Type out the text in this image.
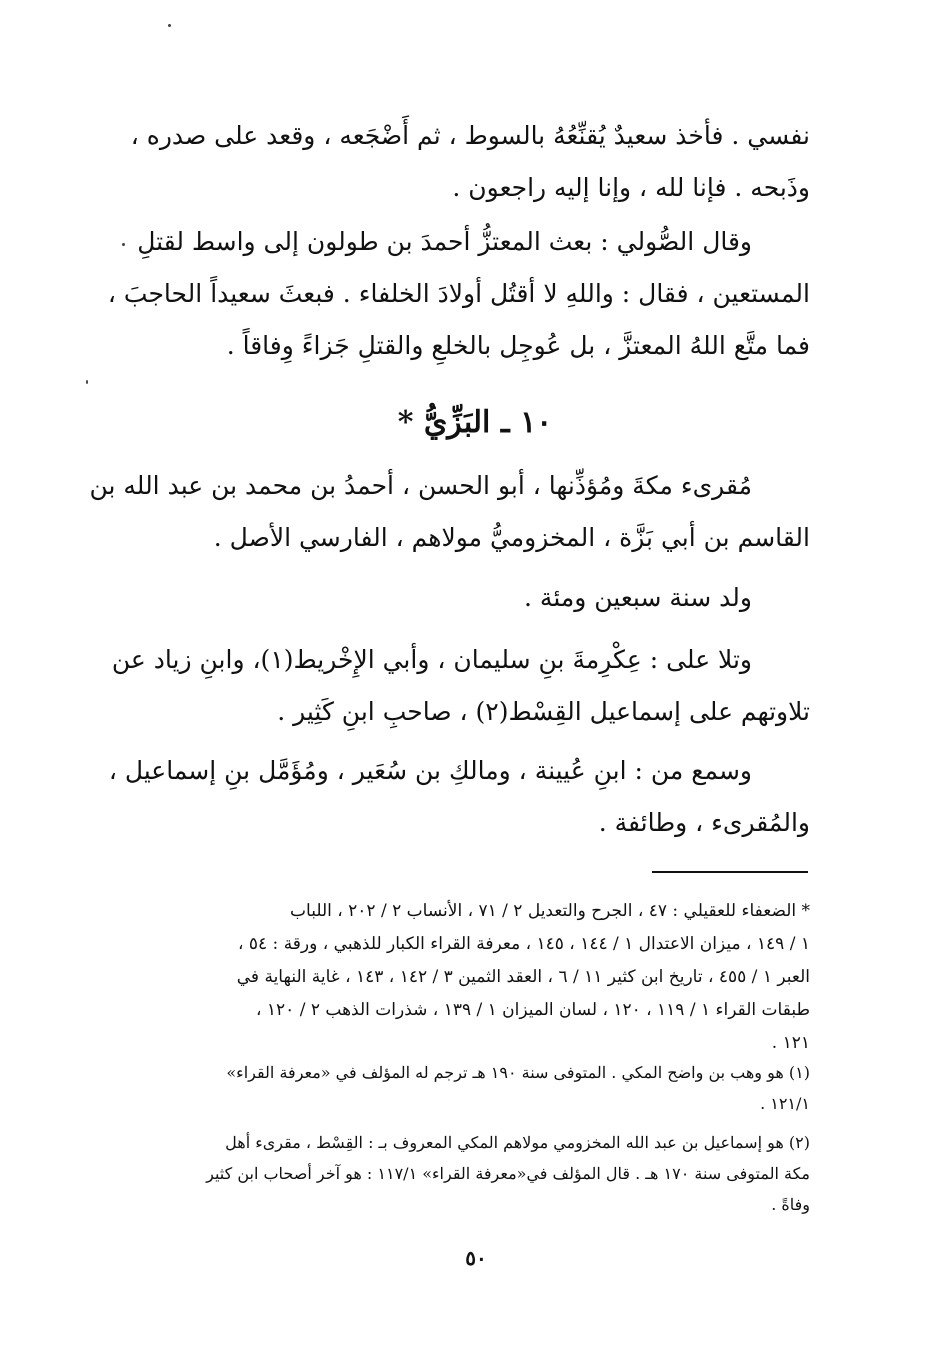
نفسي . فأخذ سعيدٌ يُقنِّعُهُ بالسوط ، ثم أَضْجَعه ، وقعد على صدره ،
وذَبحه . فإنا لله ، وإنا إليه راجعون .
وقال الصُّولي : بعث المعتزُّ أحمدَ بن طولون إلى واسط لقتلِ
المستعين ، فقال : واللهِ لا أقتُل أولادَ الخلفاء . فبعثَ سعيداً الحاجبَ ،
فما متَّع اللهُ المعتزَّ ، بل عُوجِل بالخلعِ والقتلِ جَزاءً وِفاقاً .
١٠ ـ البَزِّيُّ *
مُقرىء مكةَ ومُؤذِّنها ، أبو الحسن ، أحمدُ بن محمد بن عبد الله بن
القاسم بن أبي بَزَّة ، المخزوميُّ مولاهم ، الفارسي الأصل .
ولد سنة سبعين ومئة .
وتلا على : عِكْرِمةَ بنِ سليمان ، وأبي الإِخْريط(١)، وابنِ زياد عن
تلاوتهم على إسماعيل القِسْط(٢) ، صاحبِ ابنِ كَثِير .
وسمع من : ابنِ عُيينة ، ومالكِ بن سُعَير ، ومُؤَمَّل بنِ إسماعيل ،
والمُقرىء ، وطائفة .
* الضعفاء للعقيلي : ٤٧ ، الجرح والتعديل ٢ / ٧١ ، الأنساب ٢ / ٢٠٢ ، اللباب
١ / ١٤٩ ، ميزان الاعتدال ١ / ١٤٤ ، ١٤٥ ، معرفة القراء الكبار للذهبي ، ورقة : ٥٤ ،
العبر ١ / ٤٥٥ ، تاريخ ابن كثير ١١ / ٦ ، العقد الثمين ٣ / ١٤٢ ، ١٤٣ ، غاية النهاية في
طبقات القراء ١ / ١١٩ ، ١٢٠ ، لسان الميزان ١ / ١٣٩ ، شذرات الذهب ٢ / ١٢٠ ،
١٢١ .
(١) هو وهب بن واضح المكي . المتوفى سنة ١٩٠ هـ ترجم له المؤلف في «معرفة القراء»
١٢١/١ .
(٢) هو إسماعيل بن عبد الله المخزومي مولاهم المكي المعروف بـ : القِسْط ، مقرىء أهل
مكة المتوفى سنة ١٧٠ هـ . قال المؤلف في«معرفة القراء» ١١٧/١ : هو آخر أصحاب ابن كثير
وفاةً .
٥٠
